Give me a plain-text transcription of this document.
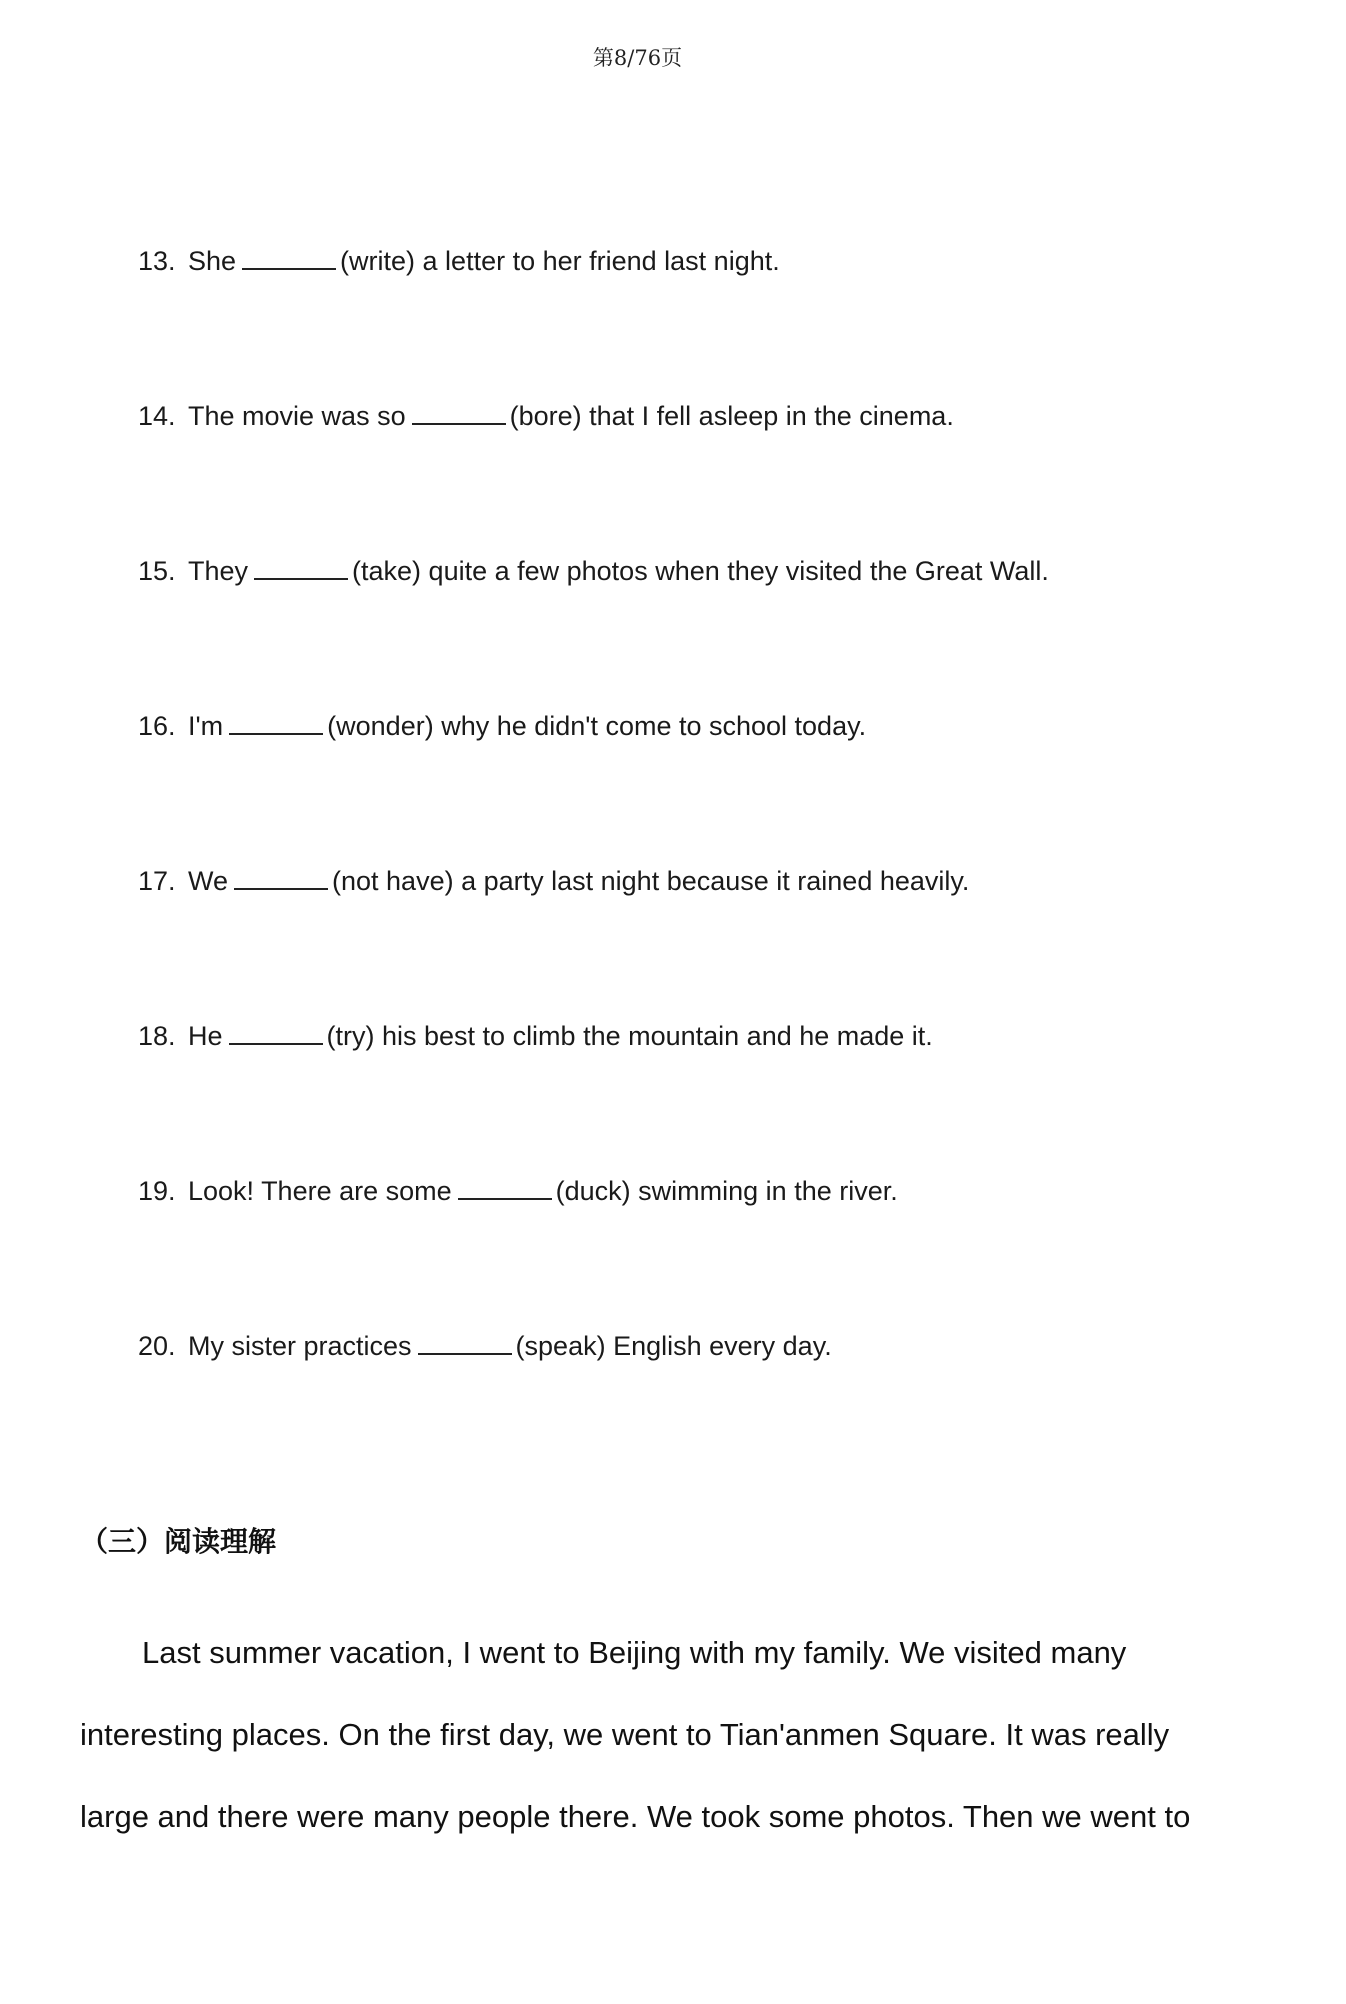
第8/76页
13. She	(write) a letter to her friend last night.
14. The movie was so	(bore) that I fell asleep in the cinema.
15. They	(take) quite a few photos when they visited the Great Wall.
16. I'm	(wonder) why he didn't come to school today.
17. We	(not have) a party last night because it rained heavily.
18. He	(try) his best to climb the mountain and he made it.
19. Look! There are some	(duck) swimming in the river.
20. My sister practices	(speak) English every day.
（三）阅读理解
Last summer vacation, I went to Beijing with my family. We visited many
interesting places. On the first day, we went to Tian'anmen Square. It was really
large and there were many people there. We took some photos. Then we went to
